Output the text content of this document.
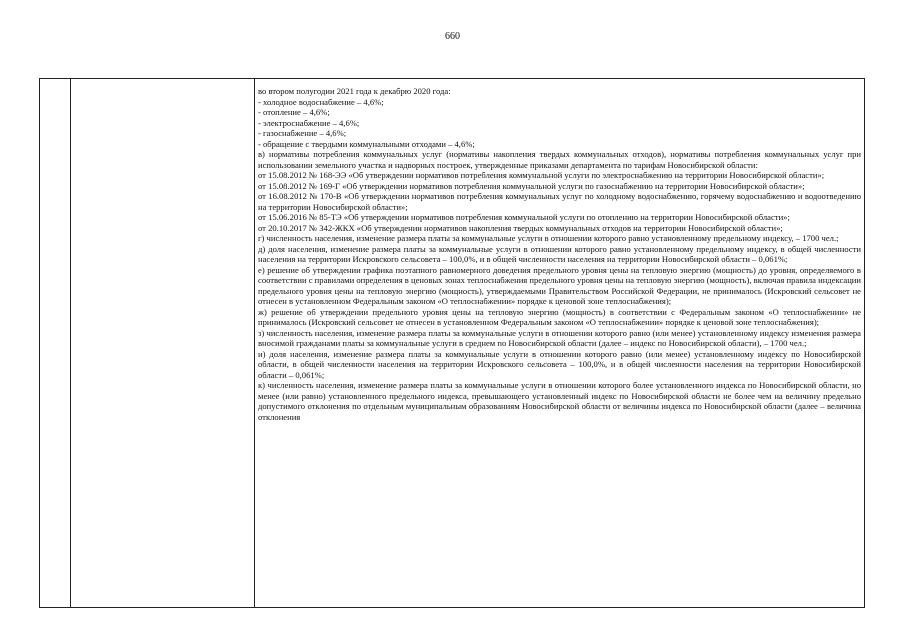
660

во втором полугодии 2021 года к декабрю 2020 года:

- холодное водоснабжение – 4,6%;

- отопление – 4,6%;

- электроснабжение – 4,6%;

- газоснабжение – 4,6%;

- обращение с твердыми коммунальными отходами – 4,6%;

в) нормативы потребления коммунальных услуг (нормативы накопления твердых коммунальных отходов), нормативы потребления коммунальных услуг при использовании земельного участка и надворных построек, утвержденные приказами департамента по тарифам Новосибирской области:

от 15.08.2012 № 168-ЭЭ «Об утверждении нормативов потребления коммунальной услуги по электроснабжению на территории Новосибирской области»;

от 15.08.2012 № 169-Г «Об утверждении нормативов потребления коммунальной услуги по газоснабжению на территории Новосибирской области»;

от 16.08.2012 № 170-В «Об утверждении нормативов потребления коммунальных услуг по холодному водоснабжению, горячему водоснабжению и водоотведению на территории Новосибирской области»;

от 15.06.2016 № 85-ТЭ «Об утверждении нормативов потребления коммунальной услуги по отоплению на территории Новосибирской области»;

от 20.10.2017 № 342-ЖКХ «Об утверждении нормативов накопления твердых коммунальных отходов на территории Новосибирской области»;

г) численность населения, изменение размера платы за коммунальные услуги в отношении которого равно установленному предельному индексу, – 1700 чел.;

д) доля населения, изменение размера платы за коммунальные услуги в отношении которого равно установленному предельному индексу, в общей численности населения на территории Искровского сельсовета – 100,0%, и в общей численности населения на территории Новосибирской области – 0,061%;

е) решение об утверждении графика поэтапного равномерного доведения предельного уровня цены на тепловую энергию (мощность) до уровня, определяемого в соответствии с правилами определения в ценовых зонах теплоснабжения предельного уровня цены на тепловую энергию (мощность), включая правила индексации предельного уровня цены на тепловую энергию (мощность), утверждаемыми Правительством Российской Федерации, не принималось (Искровский сельсовет не отнесен в установленном Федеральным законом «О теплоснабжении» порядке к ценовой зоне теплоснабжения);

ж) решение об утверждении предельного уровня цены на тепловую энергию (мощность) в соответствии с Федеральным законом «О теплоснабжении» не принималось (Искровский сельсовет не отнесен в установленном Федеральным законом «О теплоснабжении» порядке к ценовой зоне теплоснабжения);

з) численность населения, изменение размера платы за коммунальные услуги в отношении которого равно (или менее) установленному индексу изменения размера вносимой гражданами платы за коммунальные услуги в среднем по Новосибирской области (далее – индекс по Новосибирской области), – 1700 чел.;

и) доля населения, изменение размера платы за коммунальные услуги в отношении которого равно (или менее) установленному индексу по Новосибирской области, в общей численности населения на территории Искровского сельсовета – 100,0%, и в общей численности населения на территории Новосибирской области – 0,061%;

к) численность населения, изменение размера платы за коммунальные услуги в отношении которого более установленного индекса по Новосибирской области, но менее (или равно) установленного предельного индекса, превышающего установленный индекс по Новосибирской области не более чем на величину предельно допустимого отклонения по отдельным муниципальным образованиям Новосибирской области от величины индекса по Новосибирской области (далее – величина отклонения
